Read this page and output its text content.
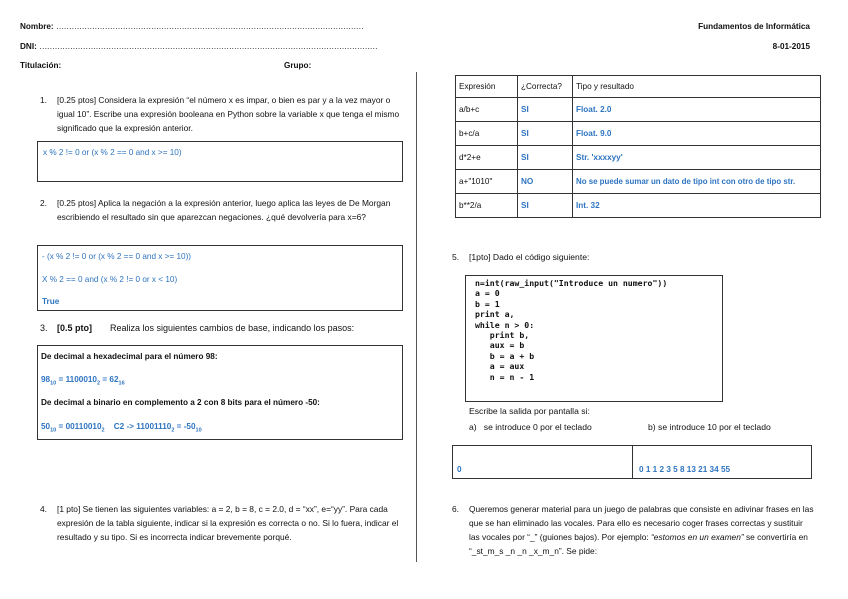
Nombre: …………………………………………………………………………………………………………
DNI: ……………………………………………………………………………………………………………………
Titulación:	Grupo:
Fundamentos de Informática
8-01-2015
1. [0.25 ptos] Considera la expresión “el número x es impar, o bien es par y a la vez mayor o igual 10”. Escribe una expresión booleana en Python sobre la variable x que tenga el mismo significado que la expresión anterior.
x % 2 != 0 or (x % 2 == 0 and x >= 10)
2. [0.25 ptos] Aplica la negación a la expresión anterior, luego aplica las leyes de De Morgan escribiendo el resultado sin que aparezcan negaciones. ¿qué devolvería para x=6?
- (x % 2 != 0 or (x % 2 == 0 and x >= 10))
X % 2 == 0 and (x % 2 != 0 or x < 10)
True
3. [0.5 pto] Realiza los siguientes cambios de base, indicando los pasos:
De decimal a hexadecimal para el número 98:
$98_{10} = 1100010_2 = 62_{16}$
De decimal a binario en complemento a 2 con 8 bits para el número -50:
$50_{10} = 00110010_2$    $C2 -> 11001110_2 = -50_{10}$
4. [1 pto] Se tienen las siguientes variables: a = 2, b = 8, c = 2.0, d = “xx”, e=“yy”. Para cada expresión de la tabla siguiente, indicar si la expresión es correcta o no. Si lo fuera, indicar el resultado y su tipo. Si es incorrecta indicar brevemente porqué.
Expresión	¿Correcta?	Tipo y resultado
a/b+c	SI	Float. 2.0
b+c/a	SI	Float. 9.0
d*2+e	SI	Str. 'xxxxyy'
a+"1010"	NO	No se puede sumar un dato de tipo int con otro de tipo str.
b**2/a	SI	Int. 32
5. [1pto] Dado el código siguiente:
n=int(raw_input("Introduce un numero"))
a = 0
b = 1
print a,
while n > 0:
print b,
aux = b
b = a + b
a = aux
n = n - 1
Escribe la salida por pantalla si:
a)   se introduce 0 por el teclado	b) se introduce 10 por el teclado
0	0 1 1 2 3 5 8 13 21 34 55
6. Queremos generar material para un juego de palabras que consiste en adivinar frases en las que se han eliminado las vocales. Para ello es necesario coger frases correctas y sustituir las vocales por “_” (guiones bajos). Por ejemplo: “estomos en un examen” se convertiría en “_st_m_s _n _n _x_m_n”. Se pide:
